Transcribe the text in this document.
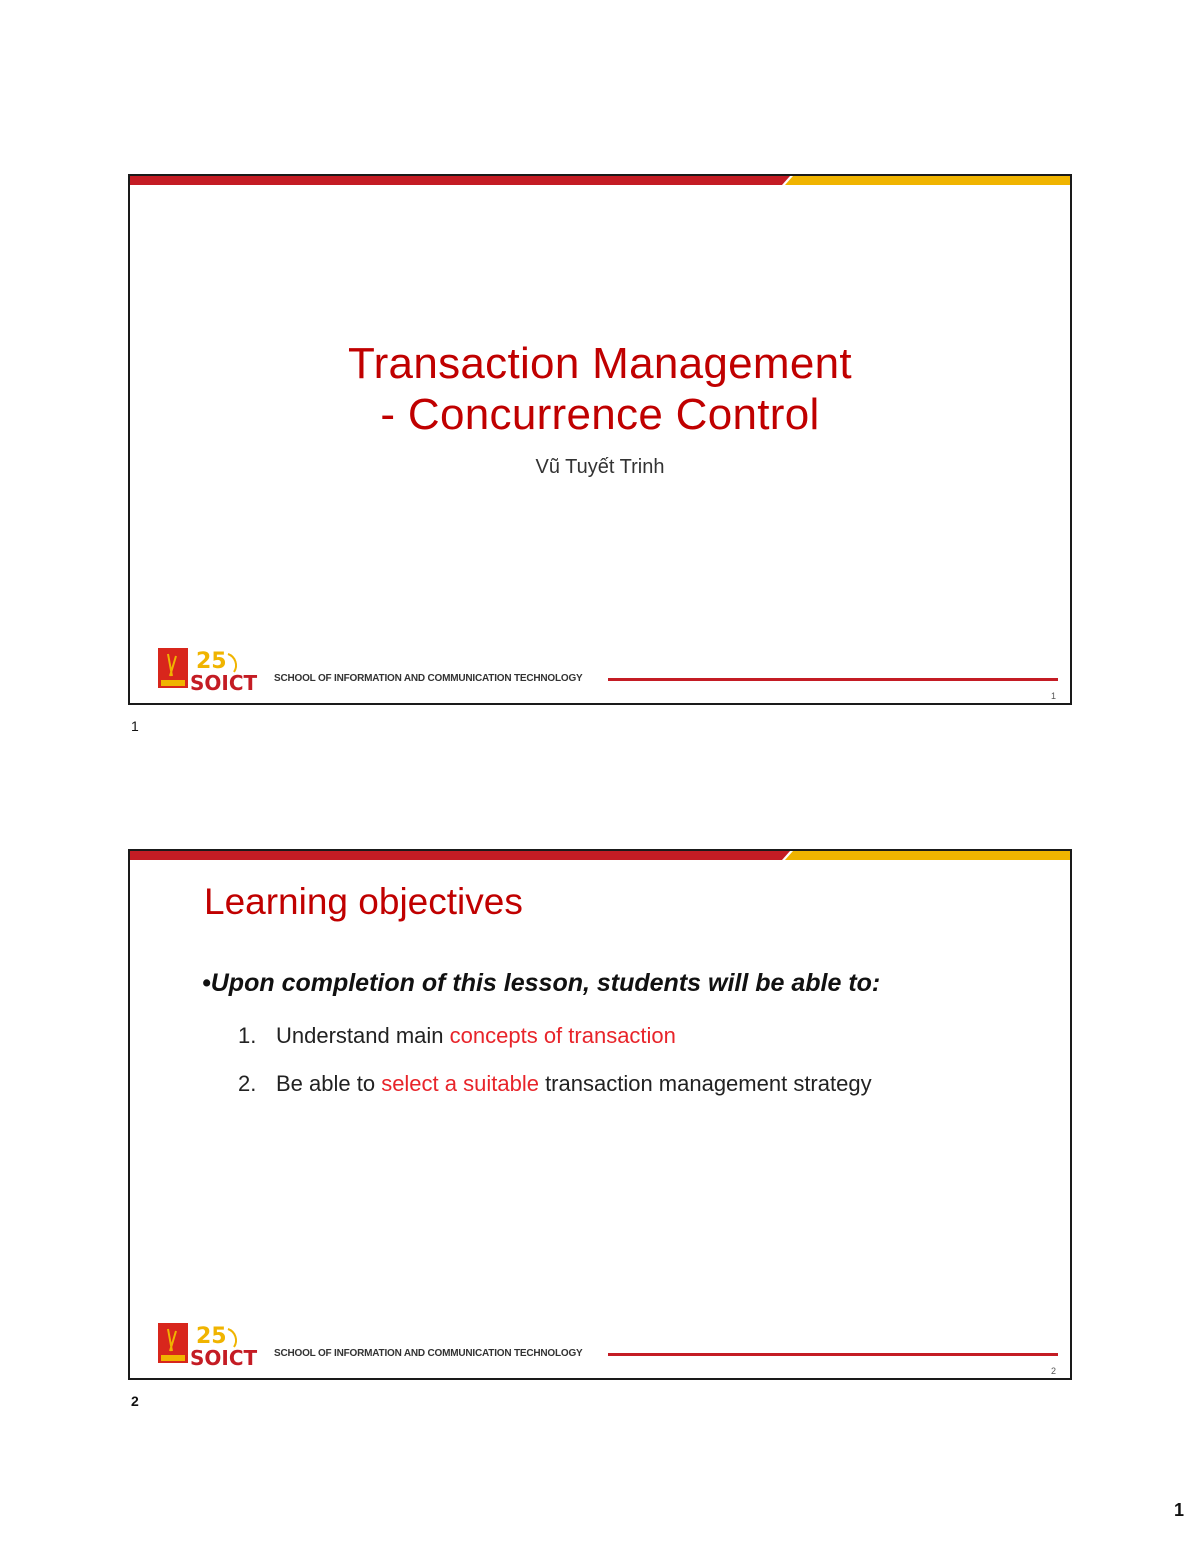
Transaction Management
- Concurrence Control
Vũ Tuyết Trinh
25
SOICT SCHOOL OF INFORMATION AND COMMUNICATION TECHNOLOGY
1
1
Learning objectives
•Upon completion of this lesson, students will be able to:
1. Understand main concepts of transaction
2. Be able to select a suitable transaction management strategy
25
SOICT SCHOOL OF INFORMATION AND COMMUNICATION TECHNOLOGY
2
2
1
